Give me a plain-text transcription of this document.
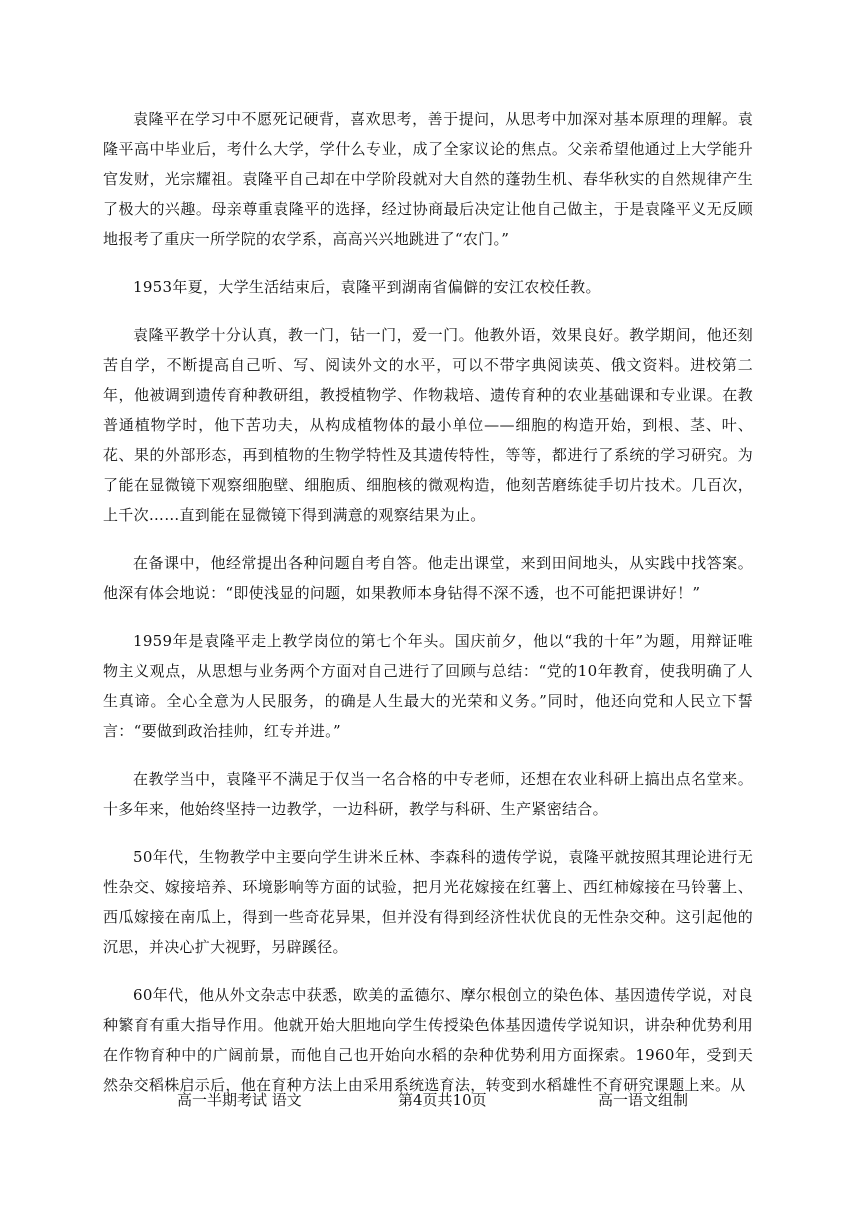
袁隆平在学习中不愿死记硬背，喜欢思考，善于提问，从思考中加深对基本原理的理解。袁隆平高中毕业后，考什么大学，学什么专业，成了全家议论的焦点。父亲希望他通过上大学能升官发财，光宗耀祖。袁隆平自己却在中学阶段就对大自然的蓬勃生机、春华秋实的自然规律产生了极大的兴趣。母亲尊重袁隆平的选择，经过协商最后决定让他自己做主，于是袁隆平义无反顾地报考了重庆一所学院的农学系，高高兴兴地跳进了“农门。”

1953年夏，大学生活结束后，袁隆平到湖南省偏僻的安江农校任教。

袁隆平教学十分认真，教一门，钻一门，爱一门。他教外语，效果良好。教学期间，他还刻苦自学，不断提高自己听、写、阅读外文的水平，可以不带字典阅读英、俄文资料。进校第二年，他被调到遗传育种教研组，教授植物学、作物栽培、遗传育种的农业基础课和专业课。在教普通植物学时，他下苦功夫，从构成植物体的最小单位——细胞的构造开始，到根、茎、叶、花、果的外部形态，再到植物的生物学特性及其遗传特性，等等，都进行了系统的学习研究。为了能在显微镜下观察细胞壁、细胞质、细胞核的微观构造，他刻苦磨练徒手切片技术。几百次，上千次……直到能在显微镜下得到满意的观察结果为止。

在备课中，他经常提出各种问题自考自答。他走出课堂，来到田间地头，从实践中找答案。他深有体会地说：“即使浅显的问题，如果教师本身钻得不深不透，也不可能把课讲好！”

1959年是袁隆平走上教学岗位的第七个年头。国庆前夕，他以“我的十年”为题，用辩证唯物主义观点，从思想与业务两个方面对自己进行了回顾与总结：“党的10年教育，使我明确了人生真谛。全心全意为人民服务，的确是人生最大的光荣和义务。”同时，他还向党和人民立下誓言：“要做到政治挂帅，红专并进。”

在教学当中，袁隆平不满足于仅当一名合格的中专老师，还想在农业科研上搞出点名堂来。十多年来，他始终坚持一边教学，一边科研，教学与科研、生产紧密结合。

50年代，生物教学中主要向学生讲米丘林、李森科的遗传学说，袁隆平就按照其理论进行无性杂交、嫁接培养、环境影响等方面的试验，把月光花嫁接在红薯上、西红柿嫁接在马铃薯上、西瓜嫁接在南瓜上，得到一些奇花异果，但并没有得到经济性状优良的无性杂交种。这引起他的沉思，并决心扩大视野，另辟蹊径。

60年代，他从外文杂志中获悉，欧美的孟德尔、摩尔根创立的染色体、基因遗传学说，对良种繁育有重大指导作用。他就开始大胆地向学生传授染色体基因遗传学说知识，讲杂种优势利用在作物育种中的广阔前景，而他自己也开始向水稻的杂种优势利用方面探索。1960年，受到天然杂交稻株启示后，他在育种方法上由采用系统选育法，转变到水稻雄性不育研究课题上来。从

高一半期考试 语文	第4页共10页	高一语文组制
